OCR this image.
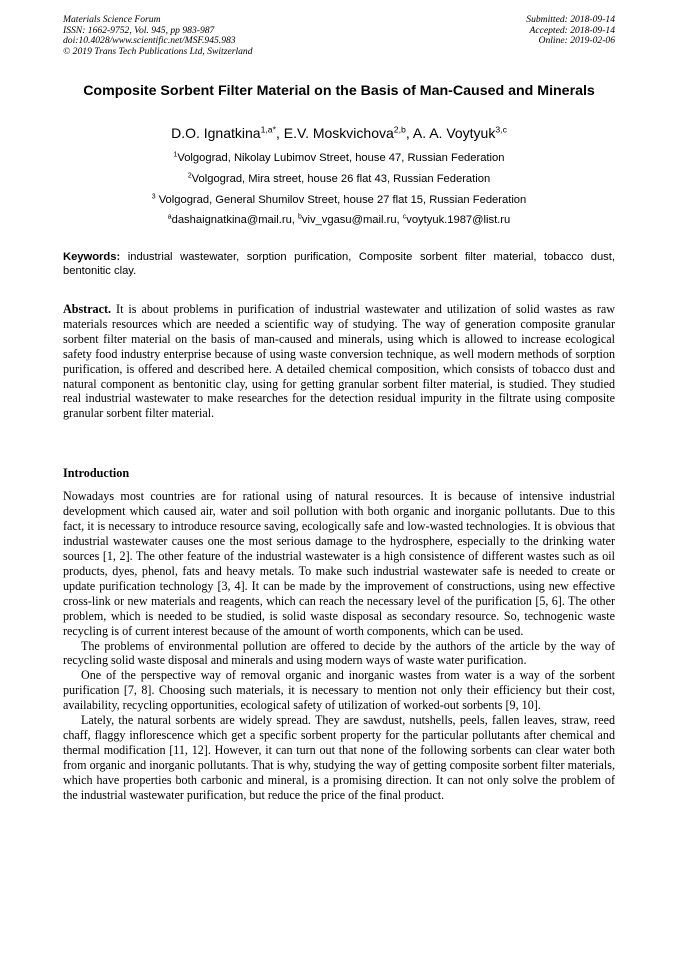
Materials Science Forum
ISSN: 1662-9752, Vol. 945, pp 983-987
doi:10.4028/www.scientific.net/MSF.945.983
© 2019 Trans Tech Publications Ltd, Switzerland
Submitted: 2018-09-14
Accepted: 2018-09-14
Online: 2019-02-06
Composite Sorbent Filter Material on the Basis of Man-Caused and Minerals
D.O. Ignatkina$^{1,a*}$, E.V. Moskvichova$^{2,b}$, A. A. Voytyuk$^{3,c}$
$^1$Volgograd, Nikolay Lubimov Street, house 47, Russian Federation
$^2$Volgograd, Mira street, house 26 flat 43, Russian Federation
$^3$ Volgograd, General Shumilov Street, house 27 flat 15, Russian Federation
$^a$dashaignatkina@mail.ru, $^b$viv_vgasu@mail.ru, $^c$voytyuk.1987@list.ru
Keywords: industrial wastewater, sorption purification, Composite sorbent filter material, tobacco dust, bentonitic clay.
Abstract. It is about problems in purification of industrial wastewater and utilization of solid wastes as raw materials resources which are needed a scientific way of studying. The way of generation composite granular sorbent filter material on the basis of man-caused and minerals, using which is allowed to increase ecological safety food industry enterprise because of using waste conversion technique, as well modern methods of sorption purification, is offered and described here. A detailed chemical composition, which consists of tobacco dust and natural component as bentonitic clay, using for getting granular sorbent filter material, is studied. They studied real industrial wastewater to make researches for the detection residual impurity in the filtrate using composite granular sorbent filter material.
Introduction

Nowadays most countries are for rational using of natural resources. It is because of intensive industrial development which caused air, water and soil pollution with both organic and inorganic pollutants. Due to this fact, it is necessary to introduce resource saving, ecologically safe and low-wasted technologies. It is obvious that industrial wastewater causes one the most serious damage to the hydrosphere, especially to the drinking water sources [1, 2]. The other feature of the industrial wastewater is a high consistence of different wastes such as oil products, dyes, phenol, fats and heavy metals. To make such industrial wastewater safe is needed to create or update purification technology [3, 4]. It can be made by the improvement of constructions, using new effective cross-link or new materials and reagents, which can reach the necessary level of the purification [5, 6]. The other problem, which is needed to be studied, is solid waste disposal as secondary resource. So, technogenic waste recycling is of current interest because of the amount of worth components, which can be used.

The problems of environmental pollution are offered to decide by the authors of the article by the way of recycling solid waste disposal and minerals and using modern ways of waste water purification.

One of the perspective way of removal organic and inorganic wastes from water is a way of the sorbent purification [7, 8]. Choosing such materials, it is necessary to mention not only their efficiency but their cost, availability, recycling opportunities, ecological safety of utilization of worked-out sorbents [9, 10].

Lately, the natural sorbents are widely spread. They are sawdust, nutshells, peels, fallen leaves, straw, reed chaff, flaggy inflorescence which get a specific sorbent property for the particular pollutants after chemical and thermal modification [11, 12]. However, it can turn out that none of the following sorbents can clear water both from organic and inorganic pollutants. That is why, studying the way of getting composite sorbent filter materials, which have properties both carbonic and mineral, is a promising direction. It can not only solve the problem of the industrial wastewater purification, but reduce the price of the final product.
